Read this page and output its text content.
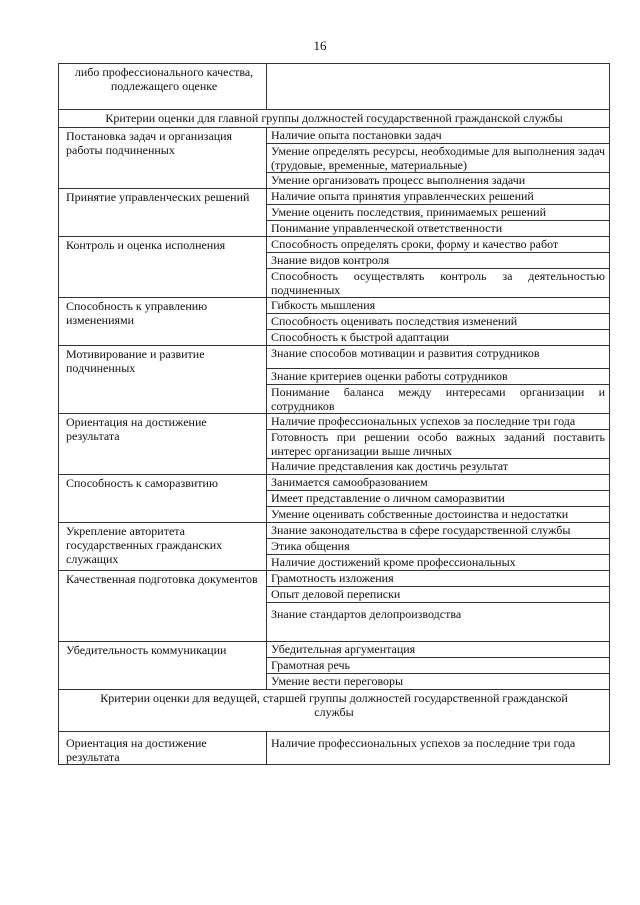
16
либо профессионального качества, подлежащего оценке	
Критерии оценки для главной группы должностей государственной гражданской службы	
Постановка задач и организация работы подчиненных	Наличие опыта постановки задач
Умение определять ресурсы, необходимые для выполнения задач (трудовые, временные, материальные)
Умение организовать процесс выполнения задачи

Принятие управленческих решений	Наличие опыта принятия управленческих решений
Умение оценить последствия, принимаемых решений
Понимание управленческой ответственности

Контроль и оценка исполнения	Способность определять сроки, форму и качество работ
Знание видов контроля
Способность осуществлять контроль за деятельностью подчиненных

Способность к управлению изменениями	Гибкость мышления
Способность оценивать последствия изменений
Способность к быстрой адаптации

Мотивирование и развитие подчиненных	Знание способов мотивации и развития сотрудников
Знание критериев оценки работы сотрудников
Понимание баланса между интересами организации и сотрудников

Ориентация на достижение результата	Наличие профессиональных успехов за последние три года
Готовность при решении особо важных заданий поставить интерес организации выше личных
Наличие представления как достичь результат

Способность к саморазвитию	Занимается самообразованием
Имеет представление о личном саморазвитии
Умение оценивать собственные достоинства и недостатки

Укрепление авторитета государственных гражданских служащих	Знание законодательства в сфере государственной службы
Этика общения
Наличие достижений кроме профессиональных

Качественная подготовка документов	Грамотность изложения
Опыт деловой переписки
Знание стандартов делопроизводства

Убедительность коммуникации	Убедительная аргументация
Грамотная речь
Умение вести переговоры

Критерии оценки для ведущей, старшей группы должностей государственной гражданской службы	
Ориентация на достижение результата	Наличие профессиональных успехов за последние три года
